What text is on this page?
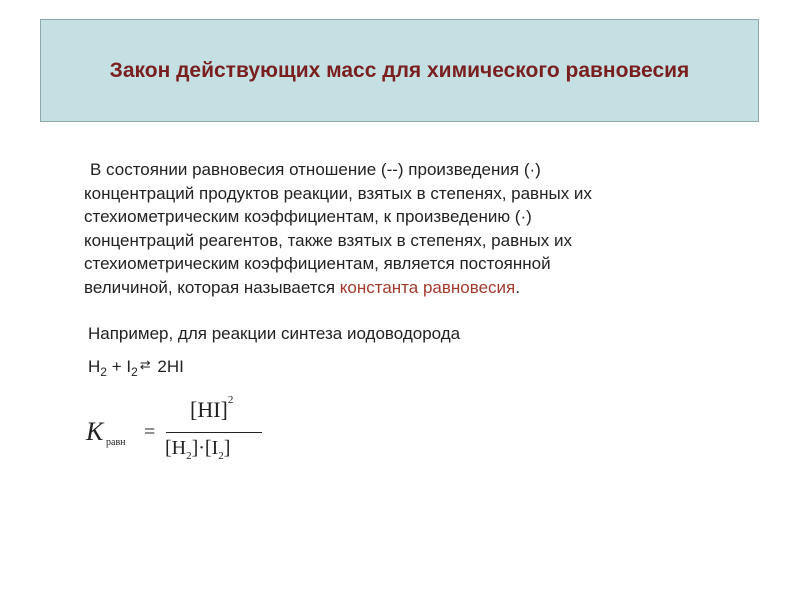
Закон действующих масс для химического равновесия
В состоянии равновесия отношение (--) произведения (·)
концентраций продуктов реакции, взятых в степенях, равных их
стехиометрическим коэффициентам, к произведению (·)
концентраций реагентов, также взятых в степенях, равных их
стехиометрическим коэффициентам, является постоянной
величиной, которая называется константа равновесия.
Например, для реакции синтеза иодоводорода
$H_2 + I_2$ ⇄ 2HI
K равн =
[HI]$^2$
$[H_2]\cdot[I_2]$
